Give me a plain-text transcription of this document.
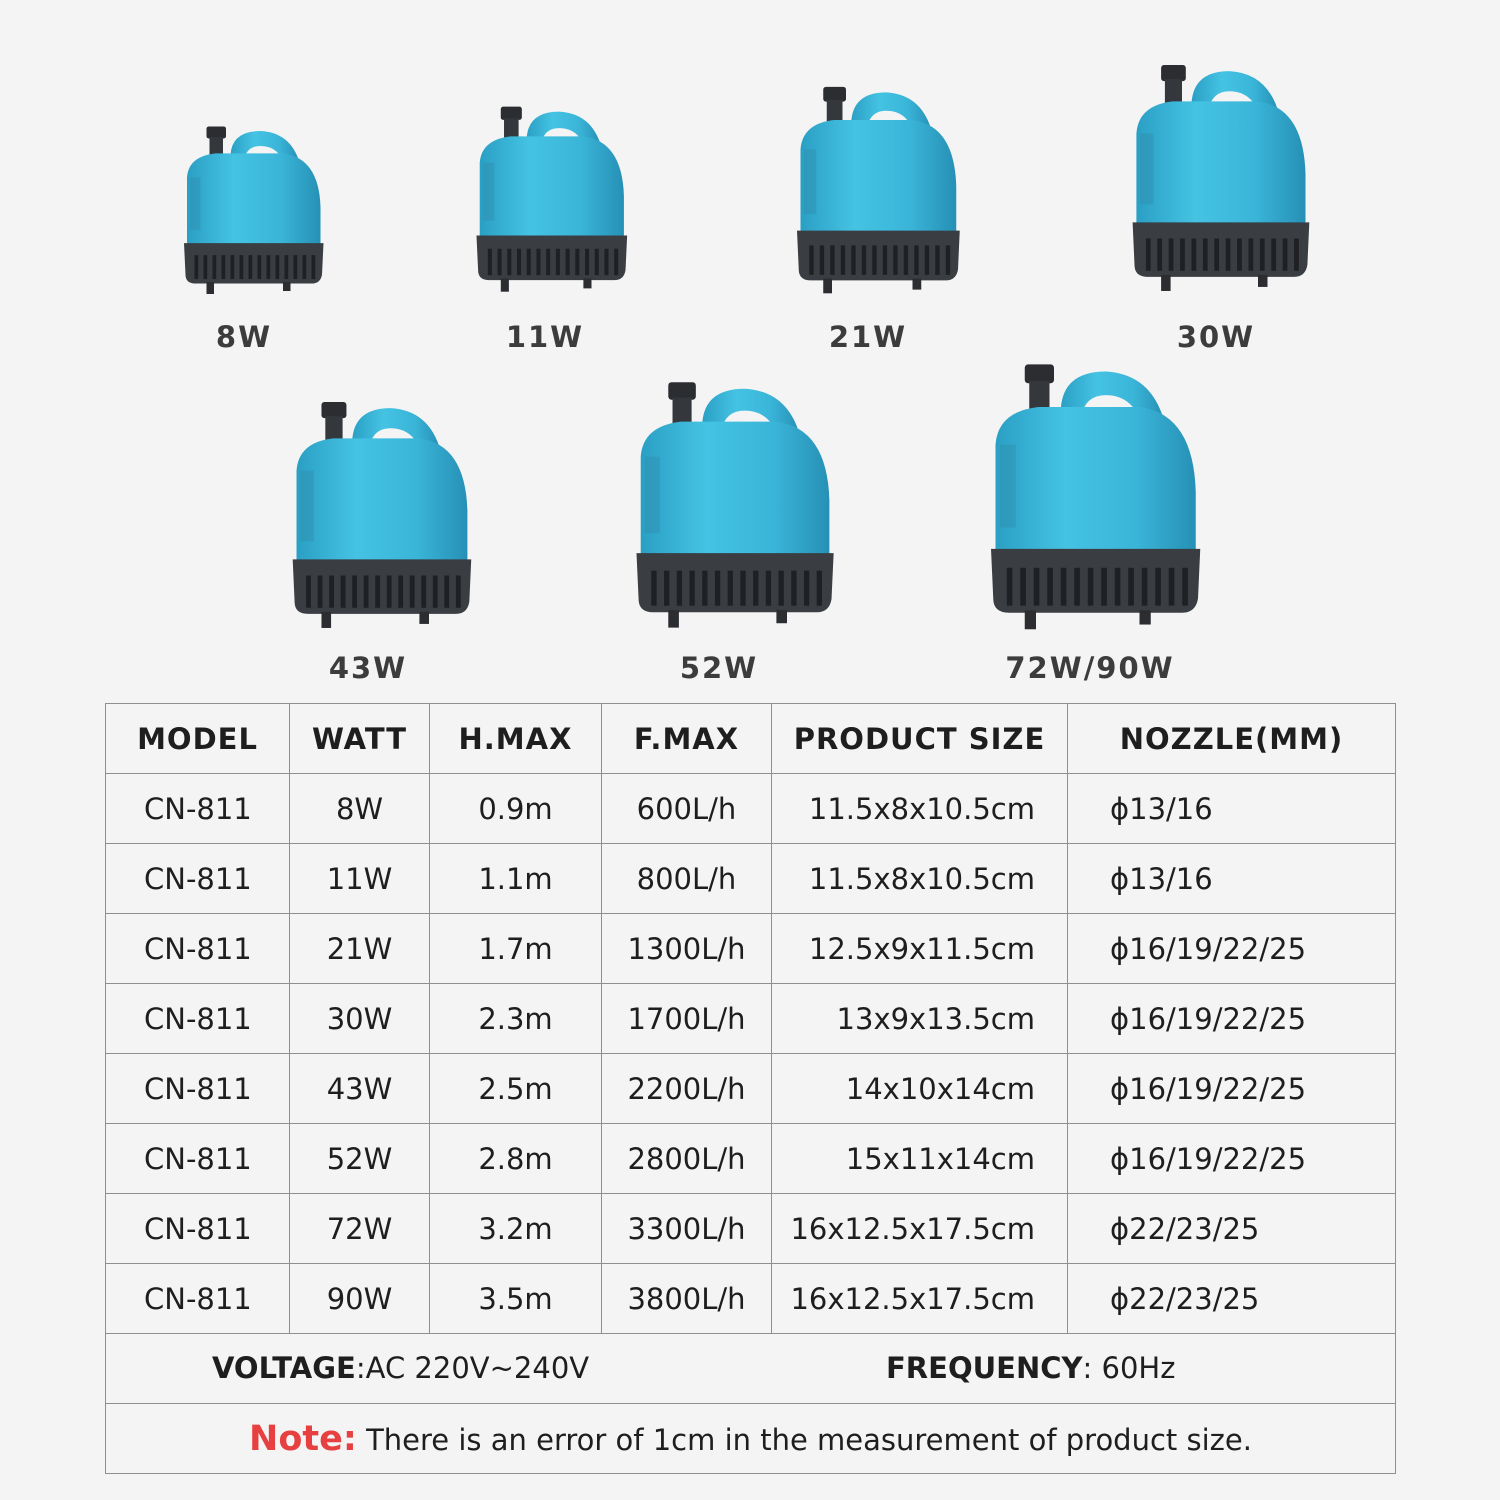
8W	11W	21W	30W
43W	52W	72W/90W
MODEL	WATT	H.MAX	F.MAX	PRODUCT SIZE	NOZZLE(MM)
CN-811	8W	0.9m	600L/h	11.5x8x10.5cm	ϕ13/16
CN-811	11W	1.1m	800L/h	11.5x8x10.5cm	ϕ13/16
CN-811	21W	1.7m	1300L/h	12.5x9x11.5cm	ϕ16/19/22/25
CN-811	30W	2.3m	1700L/h	13x9x13.5cm	ϕ16/19/22/25
CN-811	43W	2.5m	2200L/h	14x10x14cm	ϕ16/19/22/25
CN-811	52W	2.8m	2800L/h	15x11x14cm	ϕ16/19/22/25
CN-811	72W	3.2m	3300L/h	16x12.5x17.5cm	ϕ22/23/25
CN-811	90W	3.5m	3800L/h	16x12.5x17.5cm	ϕ22/23/25

VOLTAGE:AC 220V~240V FREQUENCY: 60Hz					

Note: There is an error of 1cm in the measurement of product size.					
